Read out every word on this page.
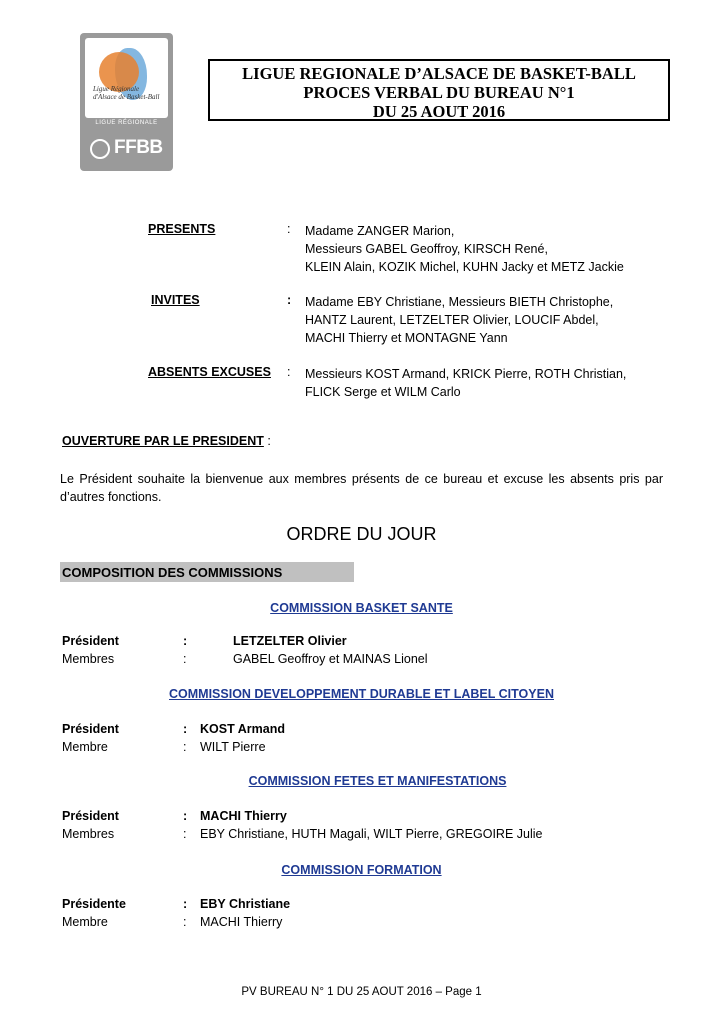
Ligue Régionale d'Alsace de Basket-Ball
LIGUE RÉGIONALE
FFBB
LIGUE REGIONALE D’ALSACE DE BASKET-BALL
PROCES VERBAL DU BUREAU N°1
DU 25 AOUT 2016
PRESENTS	: Madame ZANGER Marion,
Messieurs GABEL Geoffroy, KIRSCH René,
KLEIN Alain, KOZIK Michel, KUHN Jacky et METZ Jackie
INVITES	: Madame EBY Christiane, Messieurs BIETH Christophe,
HANTZ Laurent, LETZELTER Olivier, LOUCIF Abdel,
MACHI Thierry et MONTAGNE Yann
ABSENTS EXCUSES : Messieurs KOST Armand, KRICK Pierre, ROTH Christian,
FLICK Serge et WILM Carlo
OUVERTURE PAR LE PRESIDENT :
Le Président souhaite la bienvenue aux membres présents de ce bureau et excuse les absents pris par d’autres fonctions.
ORDRE DU JOUR
COMPOSITION DES COMMISSIONS
COMMISSION BASKET SANTE
Président	:	LETZELTER Olivier
Membres	:	GABEL Geoffroy et MAINAS Lionel
COMMISSION DEVELOPPEMENT DURABLE ET LABEL CITOYEN
Président	: KOST Armand
Membre	: WILT Pierre
COMMISSION FETES ET MANIFESTATIONS
Président	: MACHI Thierry
Membres	: EBY Christiane, HUTH Magali, WILT Pierre, GREGOIRE Julie
COMMISSION FORMATION
Présidente	: EBY Christiane
Membre	: MACHI Thierry
PV BUREAU N° 1 DU 25 AOUT 2016 – Page 1
